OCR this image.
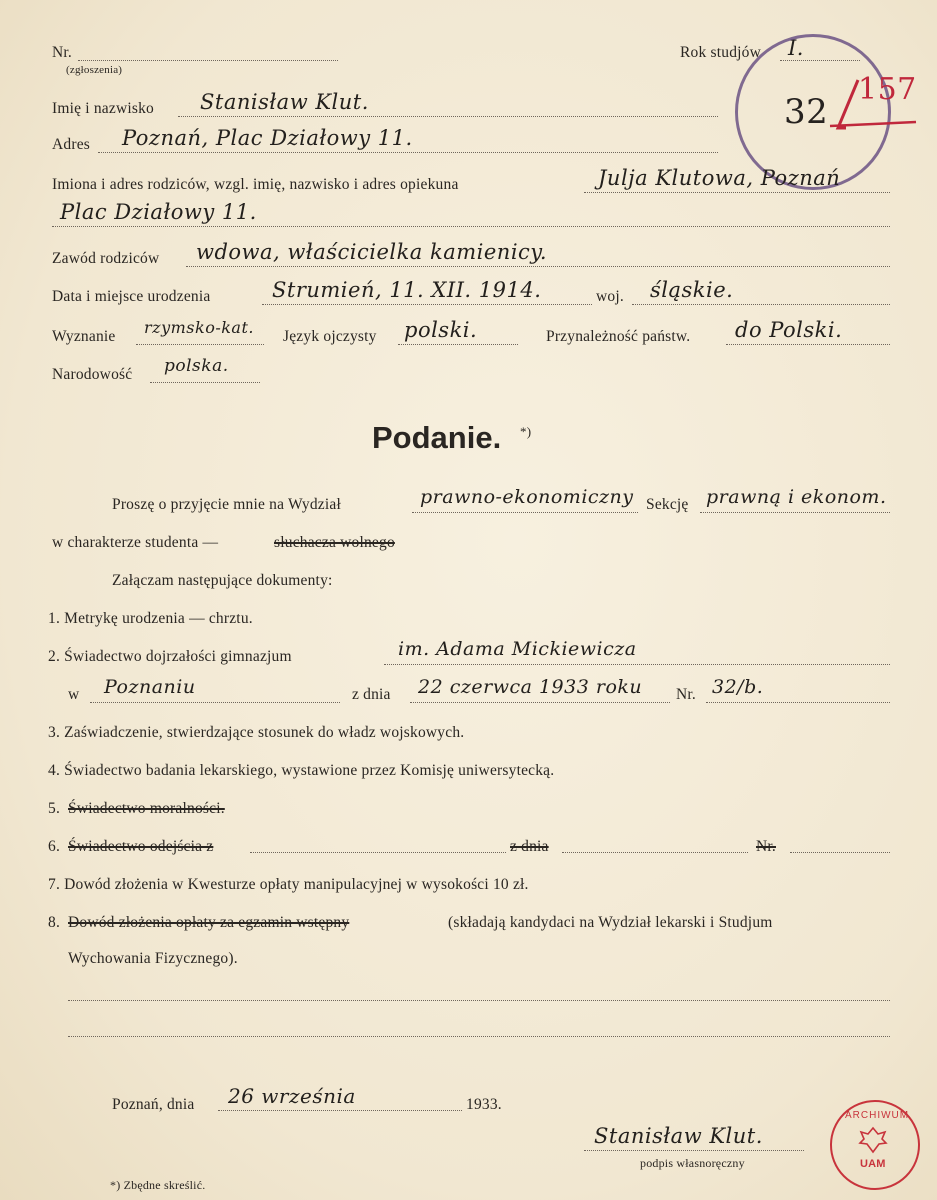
Nr.
(zgłoszenia)
Rok studjów I.
32
157
Imię i nazwisko Stanisław Klut.
Adres Poznań, Plac Działowy 11.
Imiona i adres rodziców, wzgl. imię, nazwisko i adres opiekuna	Julja Klutowa, Poznań
Plac Działowy 11.
Zawód rodziców wdowa, właścicielka kamienicy.
Data i miejsce urodzenia	Strumień, 11. XII. 1914.	woj. śląskie.
Wyznanie rzymsko-kat. Język ojczysty polski.	Przynależność państw. do Polski.
Narodowość polska.
Podanie. *)
Proszę o przyjęcie mnie na Wydział	prawno-ekonomiczny Sekcję prawną i ekonom.
w charakterze studenta —	słuchacza wolnego
Załączam następujące dokumenty:
1. Metrykę urodzenia — chrztu.
2. Świadectwo dojrzałości gimnazjum	im. Adama Mickiewicza
w Poznaniu	z dnia 22 czerwca 1933 roku Nr. 32/b.
3. Zaświadczenie, stwierdzające stosunek do władz wojskowych.
4. Świadectwo badania lekarskiego, wystawione przez Komisję uniwersytecką.
5. Świadectwo moralności.
6. Świadectwo odejścia z	z dnia	Nr.
7. Dowód złożenia w Kwesturze opłaty manipulacyjnej w wysokości 10 zł.
8. Dowód złożenia opłaty za egzamin wstępny	(składają kandydaci na Wydział lekarski i Studjum
Wychowania Fizycznego).
Poznań, dnia 26 września	1933.
Stanisław Klut.
podpis własnoręczny
*) Zbędne skreślić.
ARCHIWUM
UAM
